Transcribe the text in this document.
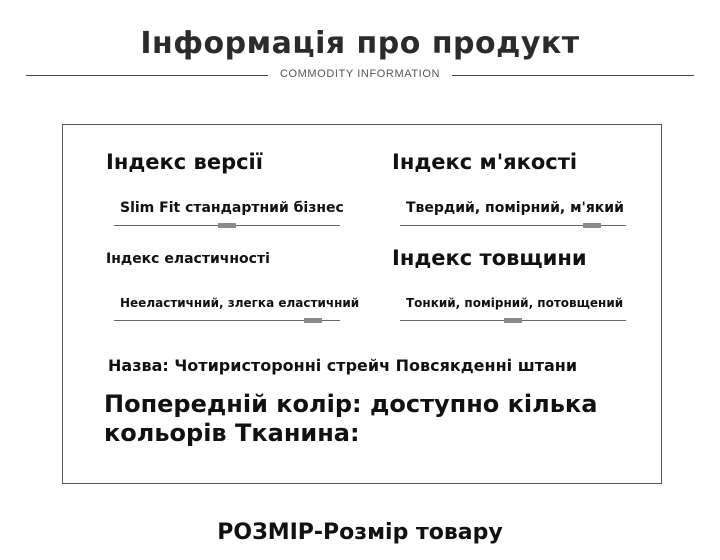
Інформація про продукт
COMMODITY INFORMATION
Індекс версії
Slim Fit стандартний бізнес
Індекс м'якості
Твердий, помірний, м'який
Індекс еластичності
Нееластичний, злегка еластичний
Індекс товщини
Тонкий, помірний, потовщений
Назва: Чотиристоронні стрейч Повсякденні штани
Попередній колір: доступно кілька
кольорів Тканина:
РОЗМІР-Розмір товару
